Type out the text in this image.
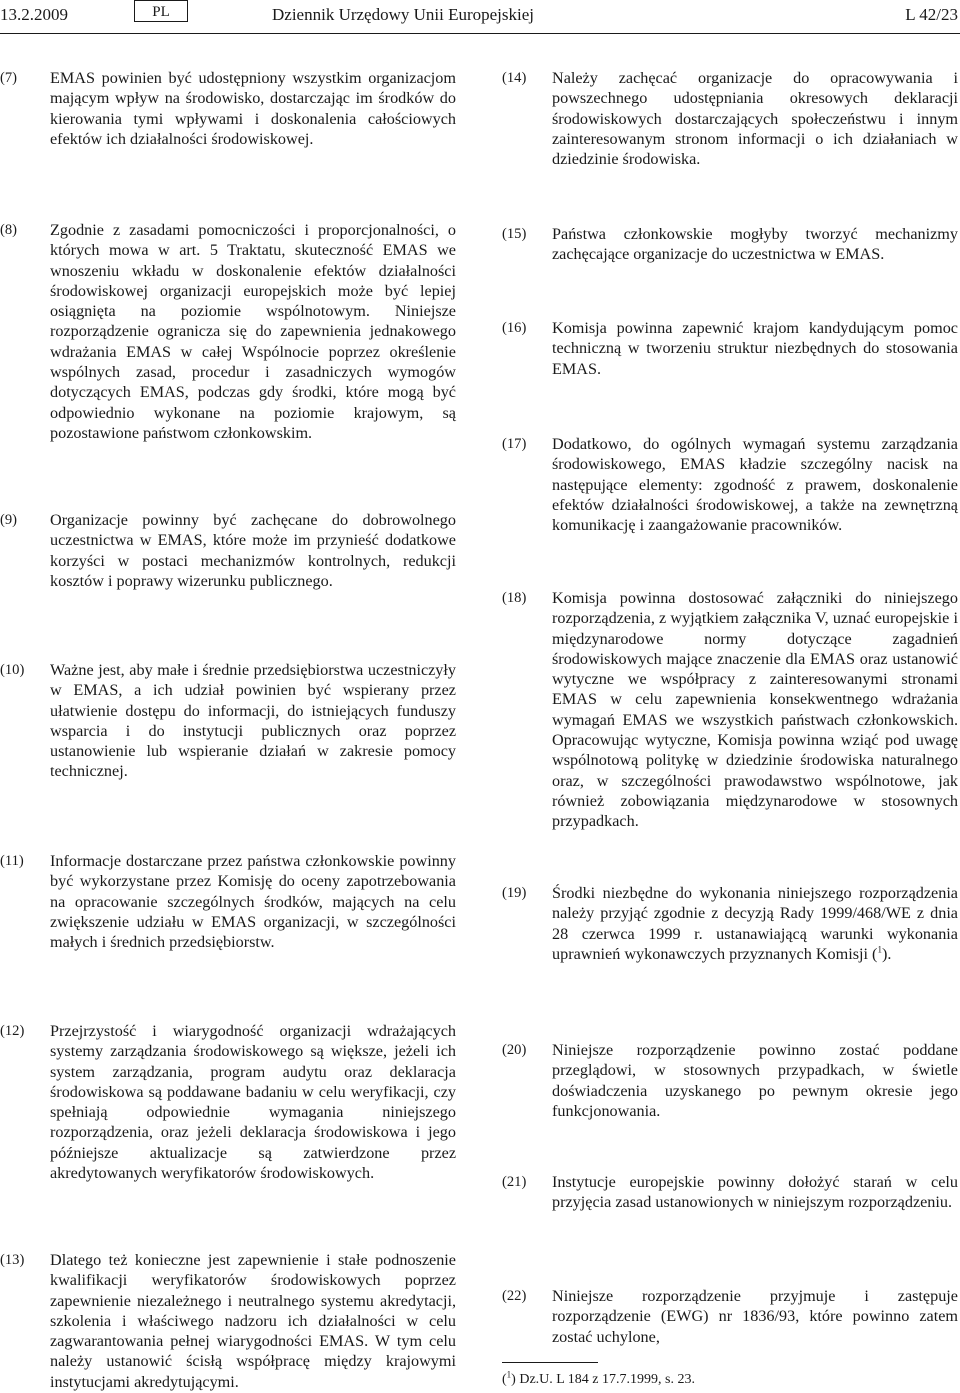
13.2.2009	PL	Dziennik Urzędowy Unii Europejskiej	L 42/23
(7) EMAS powinien być udostępniony wszystkim organizacjom mającym wpływ na środowisko, dostarczając im środków do kierowania tymi wpływami i doskonalenia całościowych efektów ich działalności środowiskowej.
(8) Zgodnie z zasadami pomocniczości i proporcjonalności, o których mowa w art. 5 Traktatu, skuteczność EMAS we wnoszeniu wkładu w doskonalenie efektów działalności środowiskowej organizacji europejskich może być lepiej osiągnięta na poziomie wspólnotowym. Niniejsze rozporządzenie ogranicza się do zapewnienia jednakowego wdrażania EMAS w całej Wspólnocie poprzez określenie wspólnych zasad, procedur i zasadniczych wymogów dotyczących EMAS, podczas gdy środki, które mogą być odpowiednio wykonane na poziomie krajowym, są pozostawione państwom członkowskim.
(9) Organizacje powinny być zachęcane do dobrowolnego uczestnictwa w EMAS, które może im przynieść dodatkowe korzyści w postaci mechanizmów kontrolnych, redukcji kosztów i poprawy wizerunku publicznego.
(10) Ważne jest, aby małe i średnie przedsiębiorstwa uczestniczyły w EMAS, a ich udział powinien być wspierany przez ułatwienie dostępu do informacji, do istniejących funduszy wsparcia i do instytucji publicznych oraz poprzez ustanowienie lub wspieranie działań w zakresie pomocy technicznej.
(11) Informacje dostarczane przez państwa członkowskie powinny być wykorzystane przez Komisję do oceny zapotrzebowania na opracowanie szczególnych środków, mających na celu zwiększenie udziału w EMAS organizacji, w szczególności małych i średnich przedsiębiorstw.
(12) Przejrzystość i wiarygodność organizacji wdrażających systemy zarządzania środowiskowego są większe, jeżeli ich system zarządzania, program audytu oraz deklaracja środowiskowa są poddawane badaniu w celu weryfikacji, czy spełniają odpowiednie wymagania niniejszego rozporządzenia, oraz jeżeli deklaracja środowiskowa i jego późniejsze aktualizacje są zatwierdzone przez akredytowanych weryfikatorów środowiskowych.
(13) Dlatego też konieczne jest zapewnienie i stałe podnoszenie kwalifikacji weryfikatorów środowiskowych poprzez zapewnienie niezależnego i neutralnego systemu akredytacji, szkolenia i właściwego nadzoru ich działalności w celu zagwarantowania pełnej wiarygodności EMAS. W tym celu należy ustanowić ścisłą współpracę między krajowymi instytucjami akredytującymi.
(14) Należy zachęcać organizacje do opracowywania i powszechnego udostępniania okresowych deklaracji środowiskowych dostarczających społeczeństwu i innym zainteresowanym stronom informacji o ich działaniach w dziedzinie środowiska.
(15) Państwa członkowskie mogłyby tworzyć mechanizmy zachęcające organizacje do uczestnictwa w EMAS.
(16) Komisja powinna zapewnić krajom kandydującym pomoc techniczną w tworzeniu struktur niezbędnych do stosowania EMAS.
(17) Dodatkowo, do ogólnych wymagań systemu zarządzania środowiskowego, EMAS kładzie szczególny nacisk na następujące elementy: zgodność z prawem, doskonalenie efektów działalności środowiskowej, a także na zewnętrzną komunikację i zaangażowanie pracowników.
(18) Komisja powinna dostosować załączniki do niniejszego rozporządzenia, z wyjątkiem załącznika V, uznać europejskie i międzynarodowe normy dotyczące zagadnień środowiskowych mające znaczenie dla EMAS oraz ustanowić wytyczne we współpracy z zainteresowanymi stronami EMAS w celu zapewnienia konsekwentnego wdrażania wymagań EMAS we wszystkich państwach członkowskich. Opracowując wytyczne, Komisja powinna wziąć pod uwagę wspólnotową politykę w dziedzinie środowiska naturalnego oraz, w szczególności prawodawstwo wspólnotowe, jak również zobowiązania międzynarodowe w stosownych przypadkach.
(19) Środki niezbędne do wykonania niniejszego rozporządzenia należy przyjąć zgodnie z decyzją Rady 1999/468/WE z dnia 28 czerwca 1999 r. ustanawiającą warunki wykonania uprawnień wykonawczych przyznanych Komisji ($^1$).
(20) Niniejsze rozporządzenie powinno zostać poddane przeglądowi, w stosownych przypadkach, w świetle doświadczenia uzyskanego po pewnym okresie jego funkcjonowania.
(21) Instytucje europejskie powinny dołożyć starań w celu przyjęcia zasad ustanowionych w niniejszym rozporządzeniu.
(22) Niniejsze rozporządzenie przyjmuje i zastępuje rozporządzenie (EWG) nr 1836/93, które powinno zatem zostać uchylone,
($^1$) Dz.U. L 184 z 17.7.1999, s. 23.
